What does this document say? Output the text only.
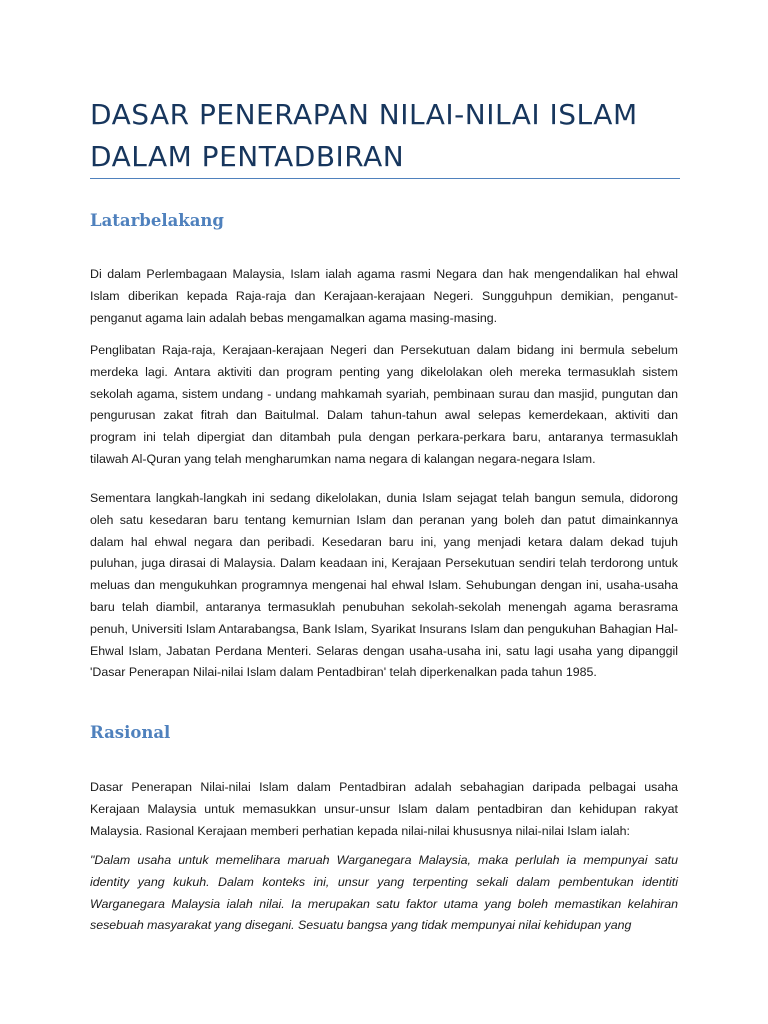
DASAR PENERAPAN NILAI-NILAI ISLAM DALAM PENTADBIRAN
Latarbelakang

Di dalam Perlembagaan Malaysia, Islam ialah agama rasmi Negara dan hak mengendalikan hal ehwal Islam diberikan kepada Raja-raja dan Kerajaan-kerajaan Negeri. Sungguhpun demikian, penganut-penganut agama lain adalah bebas mengamalkan agama masing-masing.

Penglibatan Raja-raja, Kerajaan-kerajaan Negeri dan Persekutuan dalam bidang ini bermula sebelum merdeka lagi. Antara aktiviti dan program penting yang dikelolakan oleh mereka termasuklah sistem sekolah agama, sistem undang - undang mahkamah syariah, pembinaan surau dan masjid, pungutan dan pengurusan zakat fitrah dan Baitulmal. Dalam tahun-tahun awal selepas kemerdekaan, aktiviti dan program ini telah dipergiat dan ditambah pula dengan perkara-perkara baru, antaranya termasuklah tilawah Al-Quran yang telah mengharumkan nama negara di kalangan negara-negara Islam.

Sementara langkah-langkah ini sedang dikelolakan, dunia Islam sejagat telah bangun semula, didorong oleh satu kesedaran baru tentang kemurnian Islam dan peranan yang boleh dan patut dimainkannya dalam hal ehwal negara dan peribadi. Kesedaran baru ini, yang menjadi ketara dalam dekad tujuh puluhan, juga dirasai di Malaysia. Dalam keadaan ini, Kerajaan Persekutuan sendiri telah terdorong untuk meluas dan mengukuhkan programnya mengenai hal ehwal Islam. Sehubungan dengan ini, usaha-usaha baru telah diambil, antaranya termasuklah penubuhan sekolah-sekolah menengah agama berasrama penuh, Universiti Islam Antarabangsa, Bank Islam, Syarikat Insurans Islam dan pengukuhan Bahagian Hal-Ehwal Islam, Jabatan Perdana Menteri. Selaras dengan usaha-usaha ini, satu lagi usaha yang dipanggil 'Dasar Penerapan Nilai-nilai Islam dalam Pentadbiran' telah diperkenalkan pada tahun 1985.

Rasional

Dasar Penerapan Nilai-nilai Islam dalam Pentadbiran adalah sebahagian daripada pelbagai usaha Kerajaan Malaysia untuk memasukkan unsur-unsur Islam dalam pentadbiran dan kehidupan rakyat Malaysia. Rasional Kerajaan memberi perhatian kepada nilai-nilai khususnya nilai-nilai Islam ialah:

"Dalam usaha untuk memelihara maruah Warganegara Malaysia, maka perlulah ia mempunyai satu identity yang kukuh. Dalam konteks ini, unsur yang terpenting sekali dalam pembentukan identiti Warganegara Malaysia ialah nilai. Ia merupakan satu faktor utama yang boleh memastikan kelahiran sesebuah masyarakat yang disegani. Sesuatu bangsa yang tidak mempunyai nilai kehidupan yang
